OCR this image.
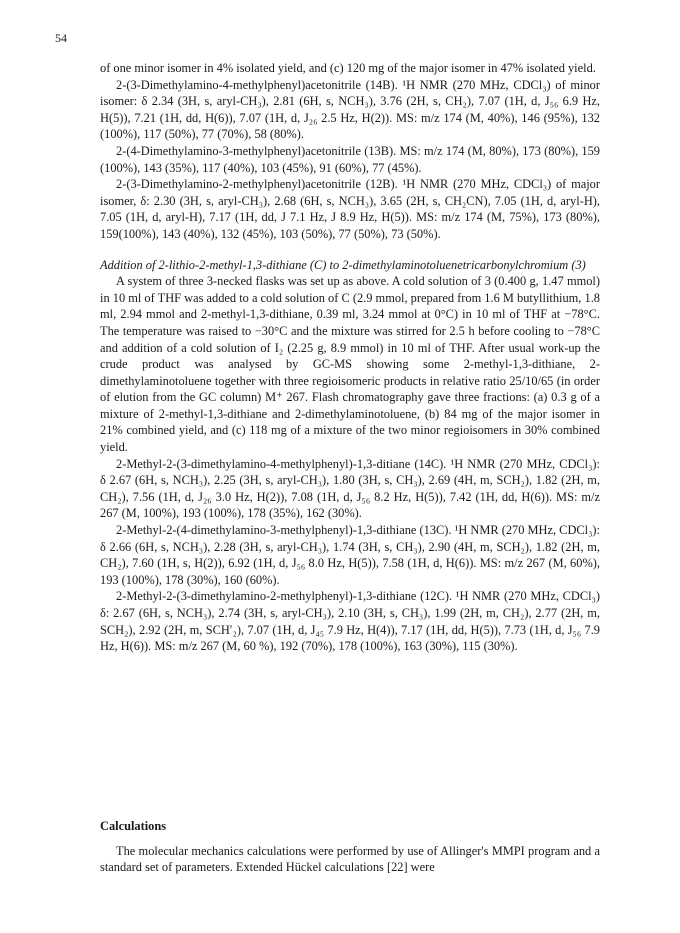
54

of one minor isomer in 4% isolated yield, and (c) 120 mg of the major isomer in 47% isolated yield.

2-(3-Dimethylamino-4-methylphenyl)acetonitrile (14B). ¹H NMR (270 MHz, CDCl₃) of minor isomer: δ 2.34 (3H, s, aryl-CH₃), 2.81 (6H, s, NCH₃), 3.76 (2H, s, CH₂), 7.07 (1H, d, J₅₆ 6.9 Hz, H(5)), 7.21 (1H, dd, H(6)), 7.07 (1H, d, J₂₆ 2.5 Hz, H(2)). MS: m/z 174 (M, 40%), 146 (95%), 132 (100%), 117 (50%), 77 (70%), 58 (80%).

2-(4-Dimethylamino-3-methylphenyl)acetonitrile (13B). MS: m/z 174 (M, 80%), 173 (80%), 159 (100%), 143 (35%), 117 (40%), 103 (45%), 91 (60%), 77 (45%).

2-(3-Dimethylamino-2-methylphenyl)acetonitrile (12B). ¹H NMR (270 MHz, CDCl₃) of major isomer, δ: 2.30 (3H, s, aryl-CH₃), 2.68 (6H, s, NCH₃), 3.65 (2H, s, CH₂CN), 7.05 (1H, d, aryl-H), 7.05 (1H, d, aryl-H), 7.17 (1H, dd, J 7.1 Hz, J 8.9 Hz, H(5)). MS: m/z 174 (M, 75%), 173 (80%), 159(100%), 143 (40%), 132 (45%), 103 (50%), 77 (50%), 73 (50%).

Addition of 2-lithio-2-methyl-1,3-dithiane (C) to 2-dimethylaminotoluenetricarbonylchromium (3)

A system of three 3-necked flasks was set up as above. A cold solution of 3 (0.400 g, 1.47 mmol) in 10 ml of THF was added to a cold solution of C (2.9 mmol, prepared from 1.6 M butyllithium, 1.8 ml, 2.94 mmol and 2-methyl-1,3-dithiane, 0.39 ml, 3.24 mmol at 0°C) in 10 ml of THF at −78°C. The temperature was raised to −30°C and the mixture was stirred for 2.5 h before cooling to −78°C and addition of a cold solution of I₂ (2.25 g, 8.9 mmol) in 10 ml of THF. After usual work-up the crude product was analysed by GC-MS showing some 2-methyl-1,3-dithiane, 2-dimethylaminotoluene together with three regioisomeric products in relative ratio 25/10/65 (in order of elution from the GC column) M⁺ 267. Flash chromatography gave three fractions: (a) 0.3 g of a mixture of 2-methyl-1,3-dithiane and 2-dimethylaminotoluene, (b) 84 mg of the major isomer in 21% combined yield, and (c) 118 mg of a mixture of the two minor regioisomers in 30% combined yield.

2-Methyl-2-(3-dimethylamino-4-methylphenyl)-1,3-ditiane (14C). ¹H NMR (270 MHz, CDCl₃): δ 2.67 (6H, s, NCH₃), 2.25 (3H, s, aryl-CH₃), 1.80 (3H, s, CH₃), 2.69 (4H, m, SCH₂), 1.82 (2H, m, CH₂), 7.56 (1H, d, J₂₆ 3.0 Hz, H(2)), 7.08 (1H, d, J₅₆ 8.2 Hz, H(5)), 7.42 (1H, dd, H(6)). MS: m/z 267 (M, 100%), 193 (100%), 178 (35%), 162 (30%).

2-Methyl-2-(4-dimethylamino-3-methylphenyl)-1,3-dithiane (13C). ¹H NMR (270 MHz, CDCl₃): δ 2.66 (6H, s, NCH₃), 2.28 (3H, s, aryl-CH₃), 1.74 (3H, s, CH₃), 2.90 (4H, m, SCH₂), 1.82 (2H, m, CH₂), 7.60 (1H, s, H(2)), 6.92 (1H, d, J₅₆ 8.0 Hz, H(5)), 7.58 (1H, d, H(6)). MS: m/z 267 (M, 60%), 193 (100%), 178 (30%), 160 (60%).

2-Methyl-2-(3-dimethylamino-2-methylphenyl)-1,3-dithiane (12C). ¹H NMR (270 MHz, CDCl₃) δ: 2.67 (6H, s, NCH₃), 2.74 (3H, s, aryl-CH₃), 2.10 (3H, s, CH₃), 1.99 (2H, m, CH₂), 2.77 (2H, m, SCH₂), 2.92 (2H, m, SCH′₂), 7.07 (1H, d, J₄₅ 7.9 Hz, H(4)), 7.17 (1H, dd, H(5)), 7.73 (1H, d, J₅₆ 7.9 Hz, H(6)). MS: m/z 267 (M, 60 %), 192 (70%), 178 (100%), 163 (30%), 115 (30%).

Calculations

The molecular mechanics calculations were performed by use of Allinger's MMPI program and a standard set of parameters. Extended Hückel calculations [22] were
